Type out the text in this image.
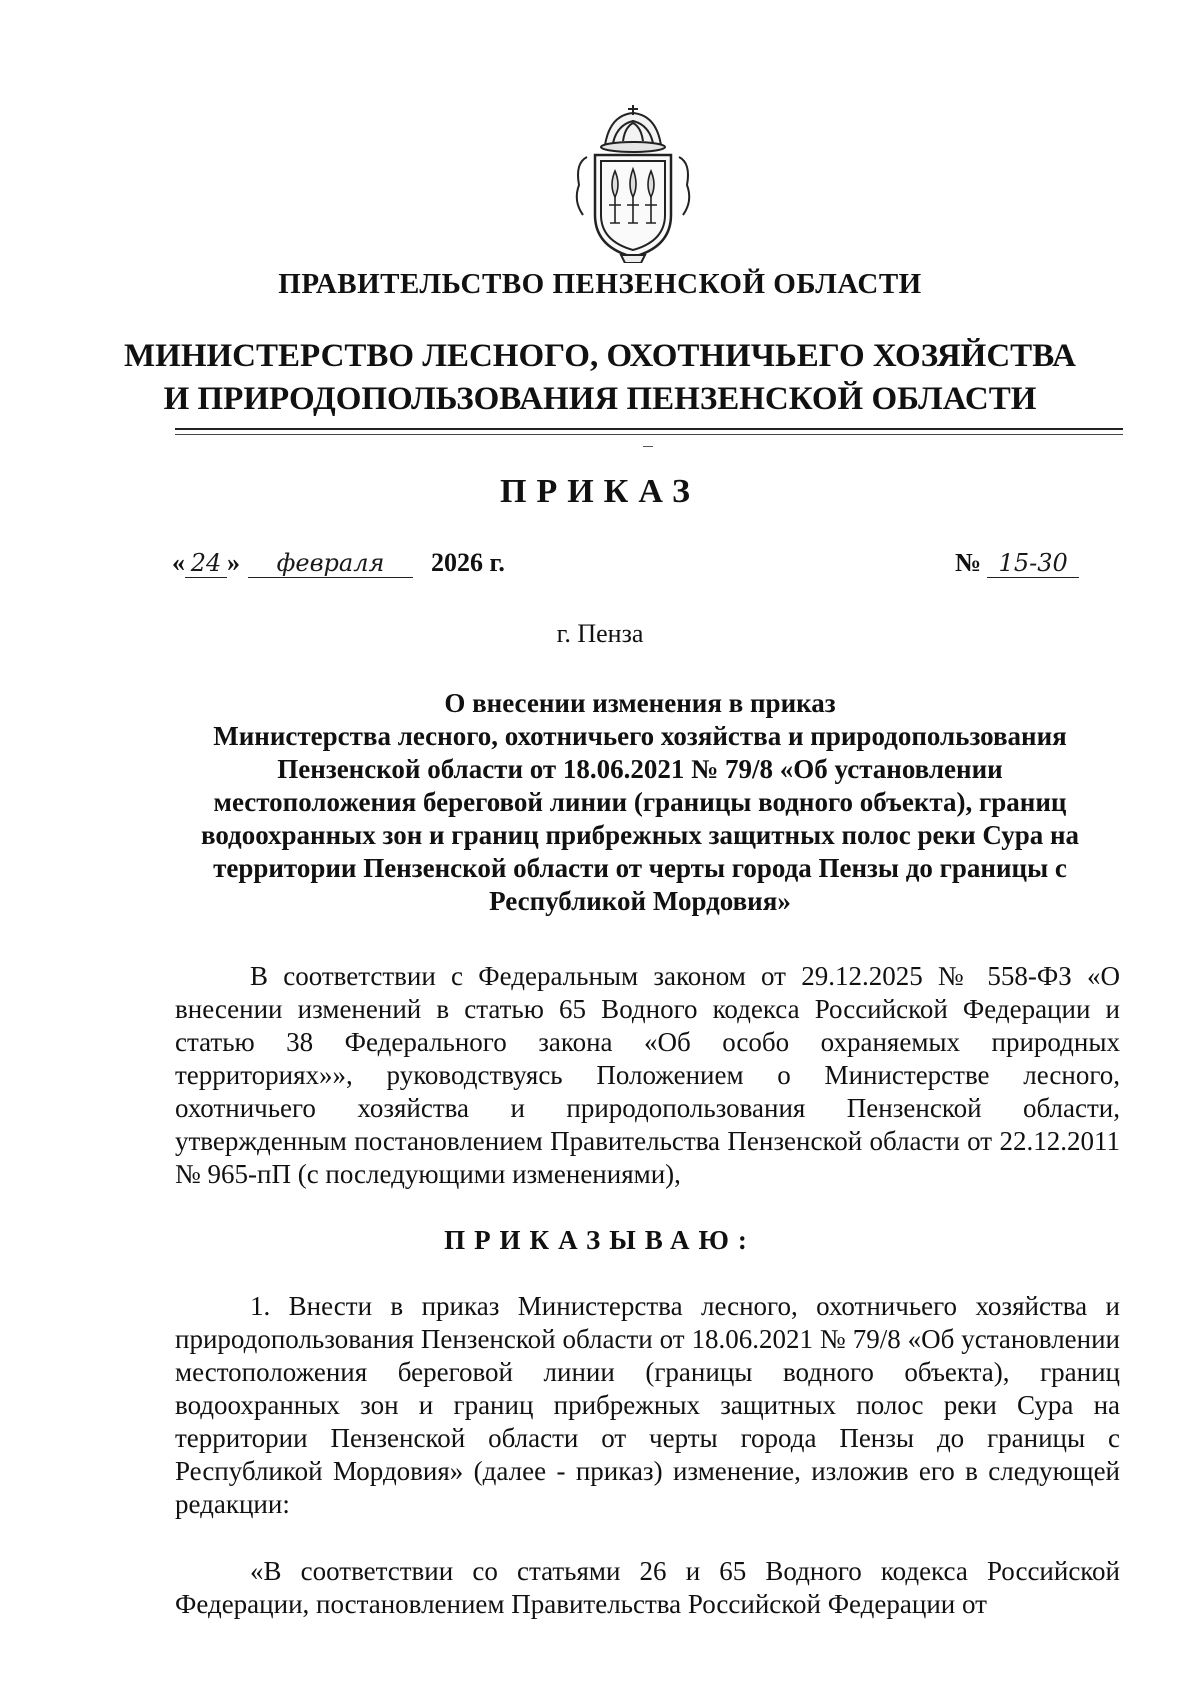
ПРАВИТЕЛЬСТВО ПЕНЗЕНСКОЙ ОБЛАСТИ
МИНИСТЕРСТВО ЛЕСНОГО, ОХОТНИЧЬЕГО ХОЗЯЙСТВА
И ПРИРОДОПОЛЬЗОВАНИЯ ПЕНЗЕНСКОЙ ОБЛАСТИ
ПРИКАЗ
« 24 » февраля 2026 г.	№ 15-30
г. Пенза
О внесении изменения в приказ
Министерства лесного, охотничьего хозяйства и природопользования
Пензенской области от 18.06.2021 № 79/8 «Об установлении
местоположения береговой линии (границы водного объекта), границ
водоохранных зон и границ прибрежных защитных полос реки Сура на
территории Пензенской области от черты города Пензы до границы с
Республикой Мордовия»

В соответствии с Федеральным законом от 29.12.2025 № 558-ФЗ «О внесении изменений в статью 65 Водного кодекса Российской Федерации и статью 38 Федерального закона «Об особо охраняемых природных территориях»», руководствуясь Положением о Министерстве лесного, охотничьего хозяйства и природопользования Пензенской области, утвержденным постановлением Правительства Пензенской области от 22.12.2011 № 965-пП (с последующими изменениями),

ПРИКАЗЫВАЮ:

1. Внести в приказ Министерства лесного, охотничьего хозяйства и природопользования Пензенской области от 18.06.2021 № 79/8 «Об установлении местоположения береговой линии (границы водного объекта), границ водоохранных зон и границ прибрежных защитных полос реки Сура на территории Пензенской области от черты города Пензы до границы с Республикой Мордовия» (далее - приказ) изменение, изложив его в следующей редакции:

«В соответствии со статьями 26 и 65 Водного кодекса Российской Федерации, постановлением Правительства Российской Федерации от
